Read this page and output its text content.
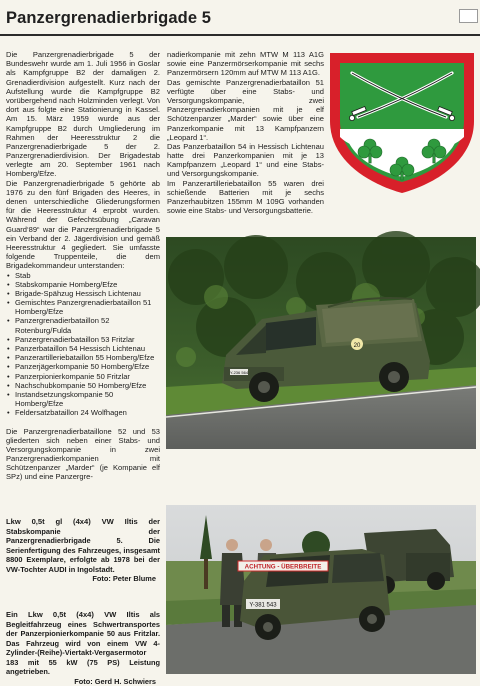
Panzergrenadierbrigade 5

Die Panzergrenadierbrigade 5 der Bundeswehr wurde am 1. Juli 1956 in Goslar als Kampfgruppe B2 der damaligen 2. Grenadierdivision aufgestellt. Kurz nach der Aufstellung wurde die Kampfgruppe B2 vorübergehend nach Holzminden verlegt. Von dort aus folgte eine Stationierung in Kassel. Am 15. März 1959 wurde aus der Kampfgruppe B2 durch Umgliederung im Rahmen der Heeresstruktur 2 die Panzergrenadierbrigade 5 der 2. Panzergrenadierdivision. Der Brigadestab verlegte am 20. September 1961 nach Homberg/Efze.

Die Panzergrenadierbrigade 5 gehörte ab 1976 zu den fünf Brigaden des Heeres, in denen unterschiedliche Gliederungsformen für die Heeresstruktur 4 erprobt wurden. Während der Gefechtsübung „Caravan Guard‘89“ war die Panzergrenadierbrigade 5 ein Verband der 2. Jägerdivision und gemäß Heeresstruktur 4 gegliedert. Sie umfasste folgende Truppenteile, die dem Brigadekommandeur unterstanden:

• Stab
• Stabskompanie Homberg/Efze
• Brigade-Spähzug Hessisch Lichtenau
• Gemischtes Panzergrenadierbataillon 51 Homberg/Efze
• Panzergrenadierbataillon 52 Rotenburg/Fulda
• Panzergrenadierbataillon 53 Fritzlar
• Panzerbataillon 54 Hessisch Lichtenau
• Panzerartilleriebataillon 55 Homberg/Efze
• Panzerjägerkompanie 50 Homberg/Efze
• Panzerpionierkompanie 50 Fritzlar
• Nachschubkompanie 50 Homberg/Efze
• Instandsetzungskompanie 50 Homberg/Efze
• Feldersatzbataillon 24 Wolfhagen

Die Panzergrenadierbataillone 52 und 53 gliederten sich neben einer Stabs- und Versorgungskompanie in zwei Panzergrenadierkompanien mit Schützenpanzer „Marder“ (je Kompanie elf SPz) und eine Panzergre-

nadierkompanie mit zehn MTW M 113 A1G sowie eine Panzermörserkompanie mit sechs Panzermörsern 120mm auf MTW M 113 A1G.

Das gemischte Panzergrenadierbataillon 51 verfügte über eine Stabs- und Versorgungskompanie, zwei Panzergrenadierkompanien mit je elf Schützenpanzer „Marder“ sowie über eine Panzerkompanie mit 13 Kampfpanzern „Leopard 1“.

Das Panzerbataillon 54 in Hessisch Lichtenau hatte drei Panzerkompanien mit je 13 Kampfpanzern „Leopard 1“ und eine Stabs- und Versorgungskompanie.

Im Panzerartilleriebataillon 55 waren drei schießende Batterien mit je sechs Panzerhaubitzen 155mm M 109G vorhanden sowie eine Stabs- und Versorgungsbatterie.

Y-236 564
20
ACHTUNG - ÜBERBREITE
Y-381 543
Lkw 0,5t gl (4x4) VW Iltis der Stabskompanie der Panzergrenadierbrigade 5. Die Serienfertigung des Fahrzeuges, insgesamt 8800 Exemplare, erfolgte ab 1978 bei der VW-Tochter AUDI in Ingolstadt.
Foto: Peter Blume
Ein Lkw 0,5t (4x4) VW Iltis als Begleitfahrzeug eines Schwertransportes der Panzerpionierkompanie 50 aus Fritzlar. Das Fahrzeug wird von einem VW 4-Zylinder-(Reihe)-Viertakt-Vergasermotor 183 mit 55 kW (75 PS) Leistung angetrieben.
Foto: Gerd H. Schwiers
